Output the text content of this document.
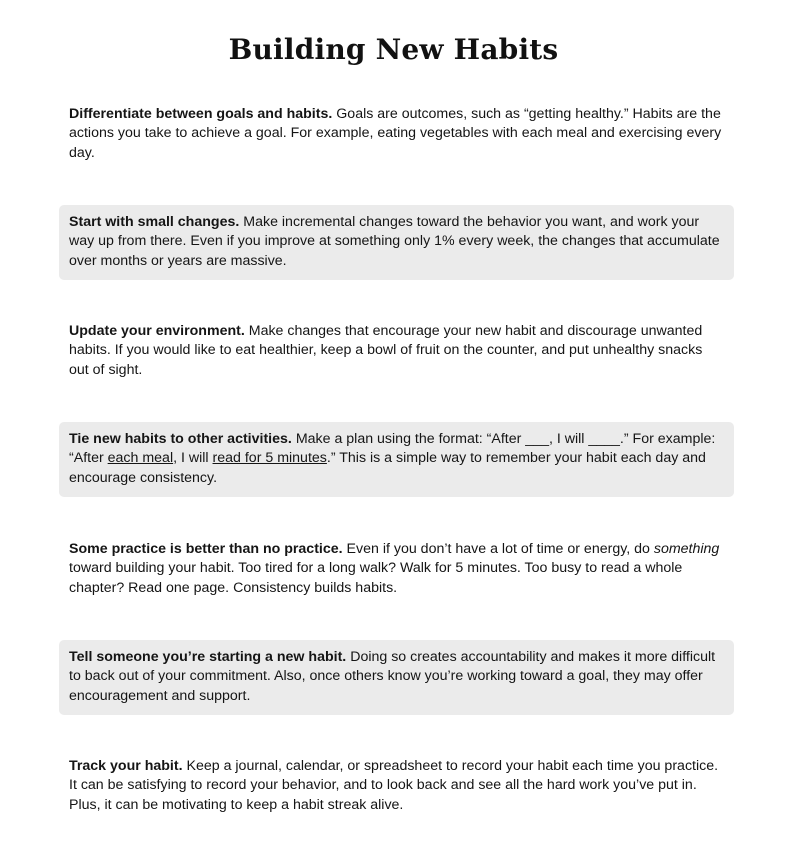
Building New Habits
Differentiate between goals and habits. Goals are outcomes, such as “getting healthy.” Habits are the actions you take to achieve a goal. For example, eating vegetables with each meal and exercising every day.
Start with small changes. Make incremental changes toward the behavior you want, and work your way up from there. Even if you improve at something only 1% every week, the changes that accumulate over months or years are massive.
Update your environment. Make changes that encourage your new habit and discourage unwanted habits. If you would like to eat healthier, keep a bowl of fruit on the counter, and put unhealthy snacks out of sight.
Tie new habits to other activities. Make a plan using the format: “After ___, I will ____.” For example: “After each meal, I will read for 5 minutes.” This is a simple way to remember your habit each day and encourage consistency.
Some practice is better than no practice. Even if you don’t have a lot of time or energy, do something toward building your habit. Too tired for a long walk? Walk for 5 minutes. Too busy to read a whole chapter? Read one page. Consistency builds habits.
Tell someone you’re starting a new habit. Doing so creates accountability and makes it more difficult to back out of your commitment. Also, once others know you’re working toward a goal, they may offer encouragement and support.
Track your habit. Keep a journal, calendar, or spreadsheet to record your habit each time you practice. It can be satisfying to record your behavior, and to look back and see all the hard work you’ve put in. Plus, it can be motivating to keep a habit streak alive.
